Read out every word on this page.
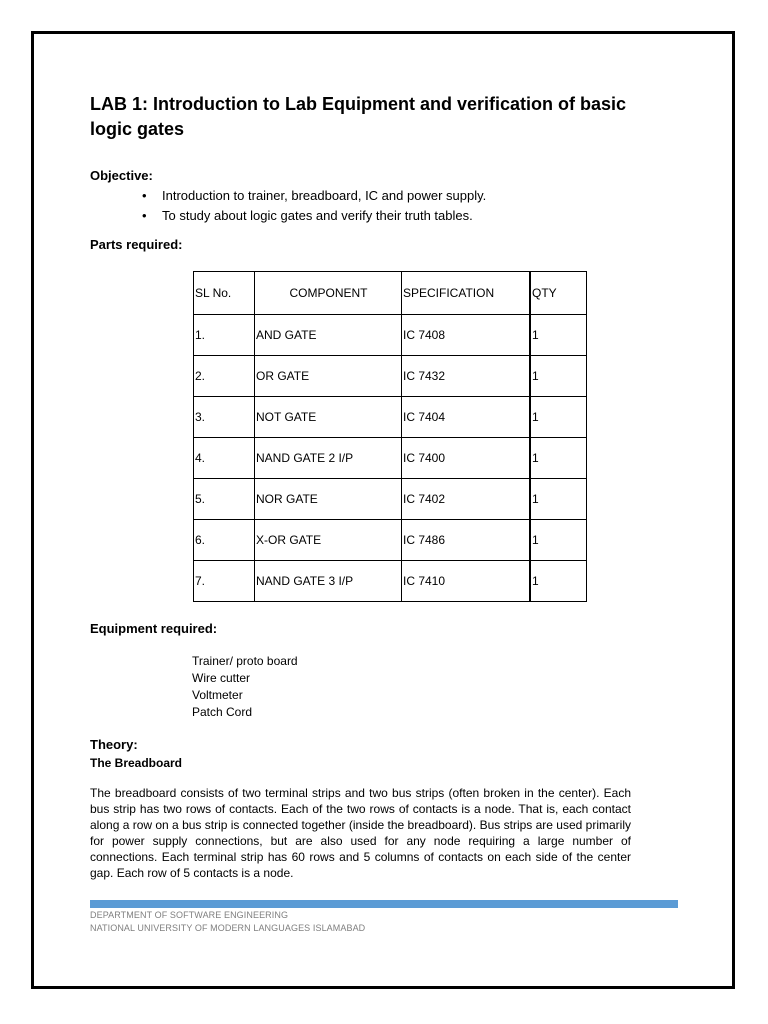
LAB 1: Introduction to Lab Equipment and verification of basic logic gates
Objective:
• Introduction to trainer, breadboard, IC and power supply.
• To study about logic gates and verify their truth tables.
Parts required:
SL No.	COMPONENT	SPECIFICATION	QTY
1.	AND GATE	IC 7408	1
2.	OR GATE	IC 7432	1
3.	NOT GATE	IC 7404	1
4.	NAND GATE 2 I/P	IC 7400	1
5.	NOR GATE	IC 7402	1
6.	X-OR GATE	IC 7486	1
7.	NAND GATE 3 I/P	IC 7410	1
Equipment required:
Trainer/ proto board
Wire cutter
Voltmeter
Patch Cord
Theory:
The Breadboard

The breadboard consists of two terminal strips and two bus strips (often broken in the center). Each bus strip has two rows of contacts. Each of the two rows of contacts is a node. That is, each contact along a row on a bus strip is connected together (inside the breadboard). Bus strips are used primarily for power supply connections, but are also used for any node requiring a large number of connections. Each terminal strip has 60 rows and 5 columns of contacts on each side of the center gap. Each row of 5 contacts is a node.

DEPARTMENT OF SOFTWARE ENGINEERING

NATIONAL UNIVERSITY OF MODERN LANGUAGES ISLAMABAD
